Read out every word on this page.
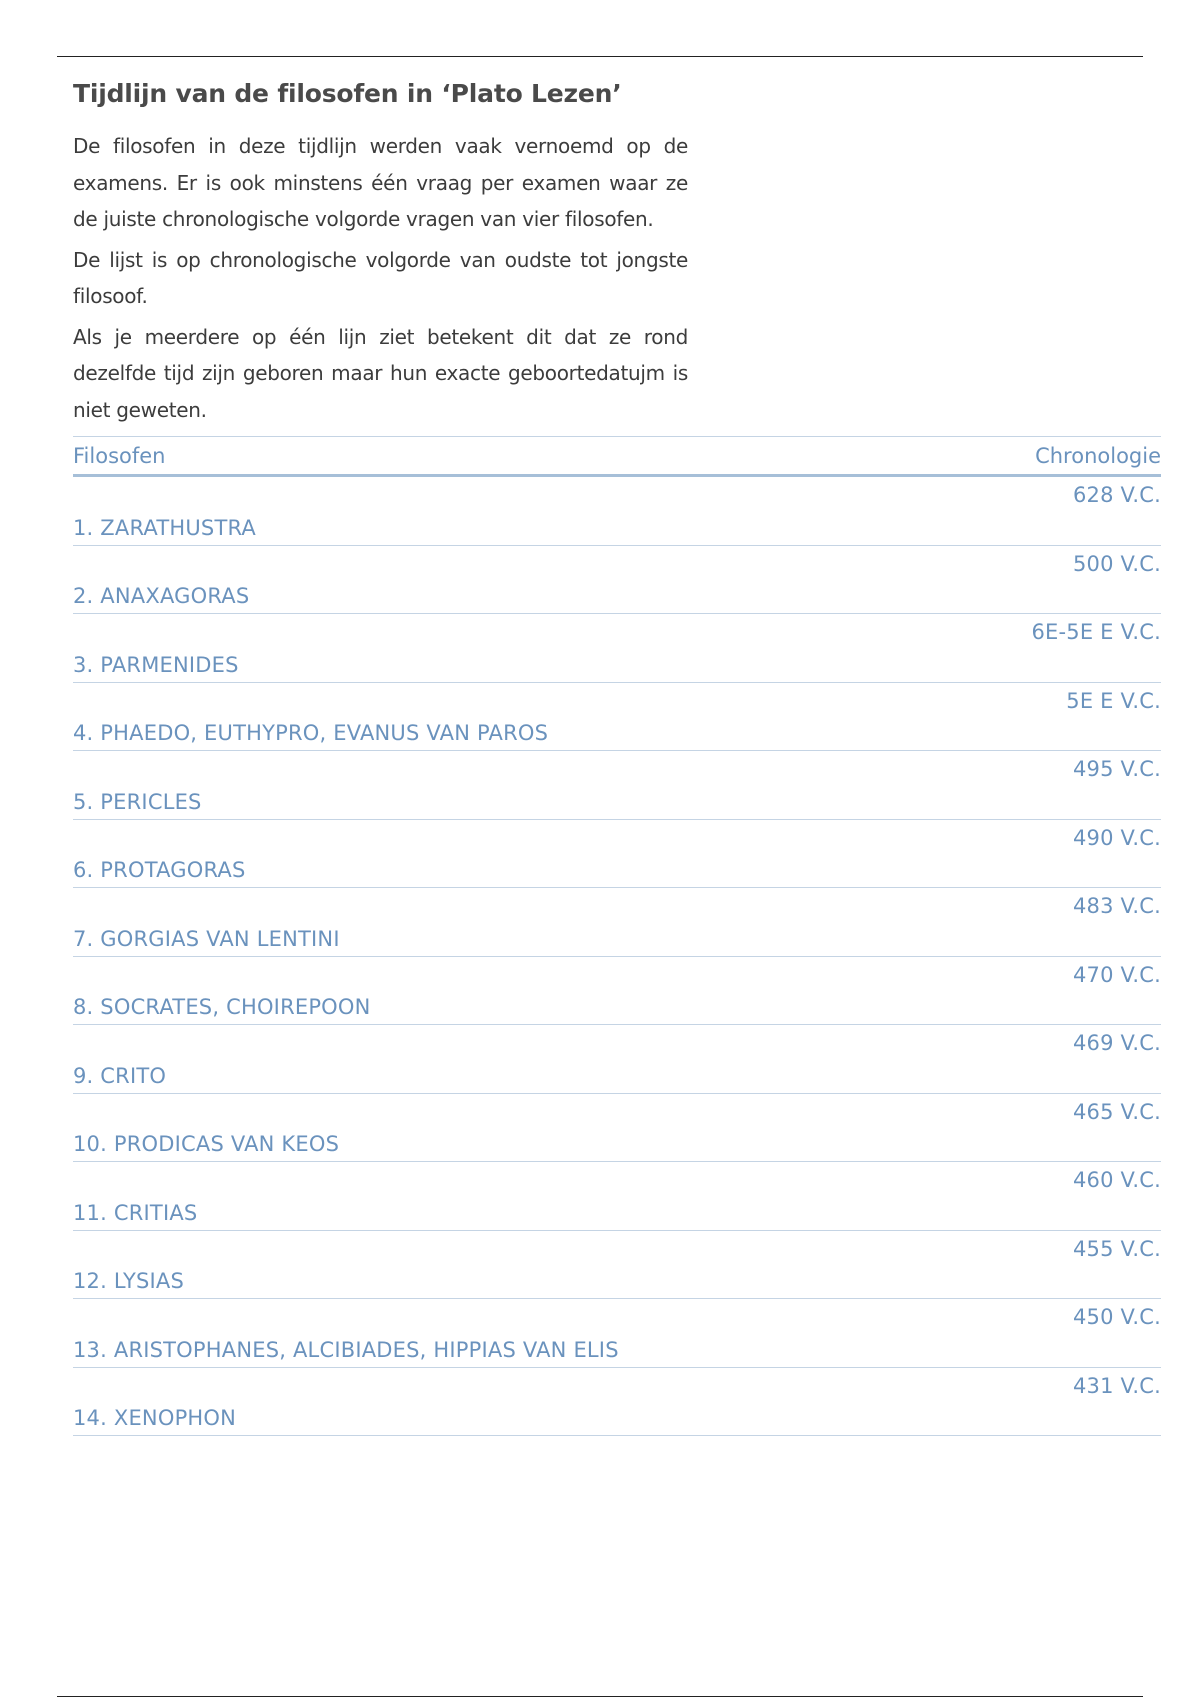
Tijdlijn van de filosofen in ‘Plato Lezen’

De filosofen in deze tijdlijn werden vaak vernoemd op de examens. Er is ook minstens één vraag per examen waar ze de juiste chronologische volgorde vragen van vier filosofen.

De lijst is op chronologische volgorde van oudste tot jongste filosoof.

Als je meerdere op één lijn ziet betekent dit dat ze rond dezelfde tijd zijn geboren maar hun exacte geboortedatujm is niet geweten.

Filosofen	Chronologie
628 V.C.
1. ZARATHUSTRA
500 V.C.
2. ANAXAGORAS
6E-5E E V.C.
3. PARMENIDES
5E E V.C.
4. PHAEDO, EUTHYPRO, EVANUS VAN PAROS
495 V.C.
5. PERICLES
490 V.C.
6. PROTAGORAS
483 V.C.
7. GORGIAS VAN LENTINI
470 V.C.
8. SOCRATES, CHOIREPOON
469 V.C.
9. CRITO
465 V.C.
10. PRODICAS VAN KEOS
460 V.C.
11. CRITIAS
455 V.C.
12. LYSIAS
450 V.C.
13. ARISTOPHANES, ALCIBIADES, HIPPIAS VAN ELIS
431 V.C.
14. XENOPHON
